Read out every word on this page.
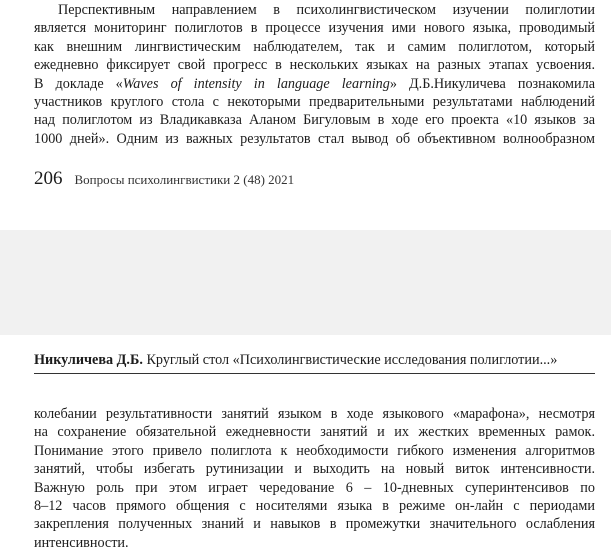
Перспективным направлением в психолингвистическом изучении полиглотии
является мониторинг полиглотов в процессе изучения ими нового языка, проводимый
как внешним лингвистическим наблюдателем, так и самим полиглотом, который
ежедневно фиксирует свой прогресс в нескольких языках на разных этапах усвоения.
В докладе «Waves of intensity in language learning» Д.Б.Никуличева познакомила
участников круглого стола с некоторыми предварительными результатами наблюдений
над полиглотом из Владикавказа Аланом Бигуловым в ходе его проекта «10 языков за
1000 дней». Одним из важных результатов стал вывод об объективном волнообразном
206 Вопросы психолингвистики 2 (48) 2021
Никуличева Д.Б. Круглый стол «Психолингвистические исследования полиглотии...»
колебании результативности занятий языком в ходе языкового «марафона», несмотря
на сохранение обязательной ежедневности занятий и их жестких временных рамок.
Понимание этого привело полиглота к необходимости гибкого изменения алгоритмов
занятий, чтобы избегать рутинизации и выходить на новый виток интенсивности.
Важную роль при этом играет чередование 6 – 10-дневных суперинтенсивов по
8–12 часов прямого общения с носителями языка в режиме он-лайн с периодами
закрепления полученных знаний и навыков в промежутки значительного ослабления
интенсивности.
